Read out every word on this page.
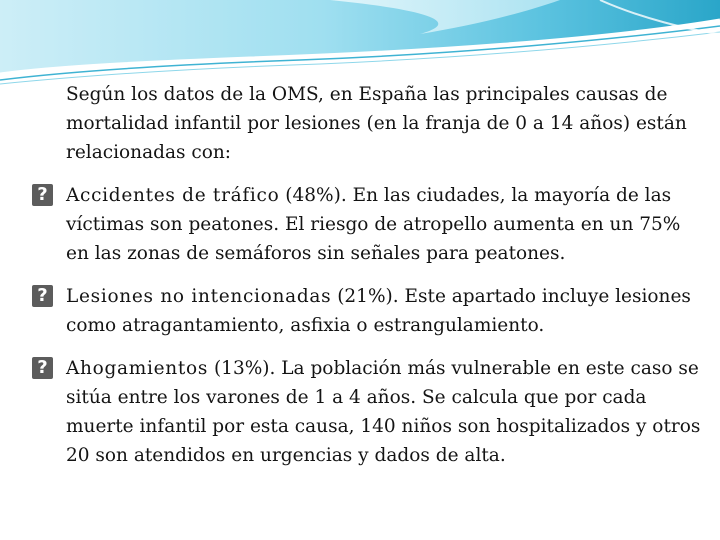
Según los datos de la OMS, en España las principales causas de mortalidad infantil por lesiones (en la franja de 0 a 14 años) están relacionadas con:

? Accidentes de tráfico (48%). En las ciudades, la mayoría de las víctimas son peatones. El riesgo de atropello aumenta en un 75% en las zonas de semáforos sin señales para peatones.
? Lesiones no intencionadas (21%). Este apartado incluye lesiones como atragantamiento, asfixia o estrangulamiento.
? Ahogamientos (13%). La población más vulnerable en este caso se sitúa entre los varones de 1 a 4 años. Se calcula que por cada muerte infantil por esta causa, 140 niños son hospitalizados y otros 20 son atendidos en urgencias y dados de alta.
